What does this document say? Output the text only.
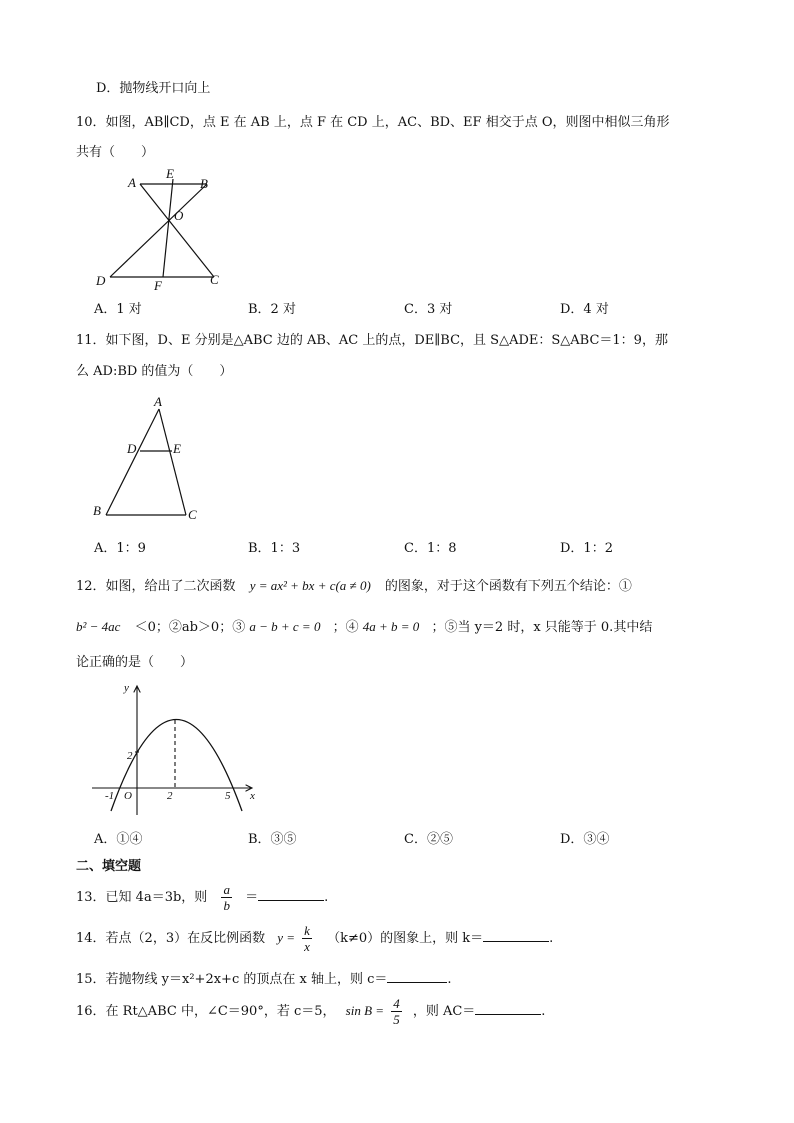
D．抛物线开口向上
10．如图，AB∥CD，点 E 在 AB 上，点 F 在 CD 上，AC、BD、EF 相交于点 O，则图中相似三角形
共有（　　）
A
E
B
O
D	F	C
A．1 对	B．2 对	C．3 对	D．4 对
11．如下图，D、E 分别是△ABC 边的 AB、AC 上的点，DE∥BC，且 S△ADE：S△ABC＝1：9，那
么 AD:BD 的值为（　　）
A
D	E
B	C
A．1：9	B．1：3	C．1：8	D．1：2
12．如图，给出了二次函数 y = ax² + bx + c(a ≠ 0) 的图象，对于这个函数有下列五个结论：①
b² − 4ac ＜0；②ab＞0；③ a − b + c = 0 ；④ 4a + b = 0 ；⑤当 y＝2 时，x 只能等于 0.其中结
论正确的是（　　）
y
x
2
-1 O	2	5
A．①④	B．③⑤	C．②⑤	D．③④
二、填空题
13．已知 4a＝3b，则 $\frac{a}{b}$ ＝	.
14．若点（2，3）在反比例函数 $y = \frac{k}{x} (k\ne 0)$的图象上，则 k＝	.
15．若抛物线 y＝x²+2x+c 的顶点在 x 轴上，则 c＝	.
16．在 Rt△ABC 中，∠C＝90°，若 c＝5， $\sin B = \frac{4}{5}$ ，则 AC＝	.
